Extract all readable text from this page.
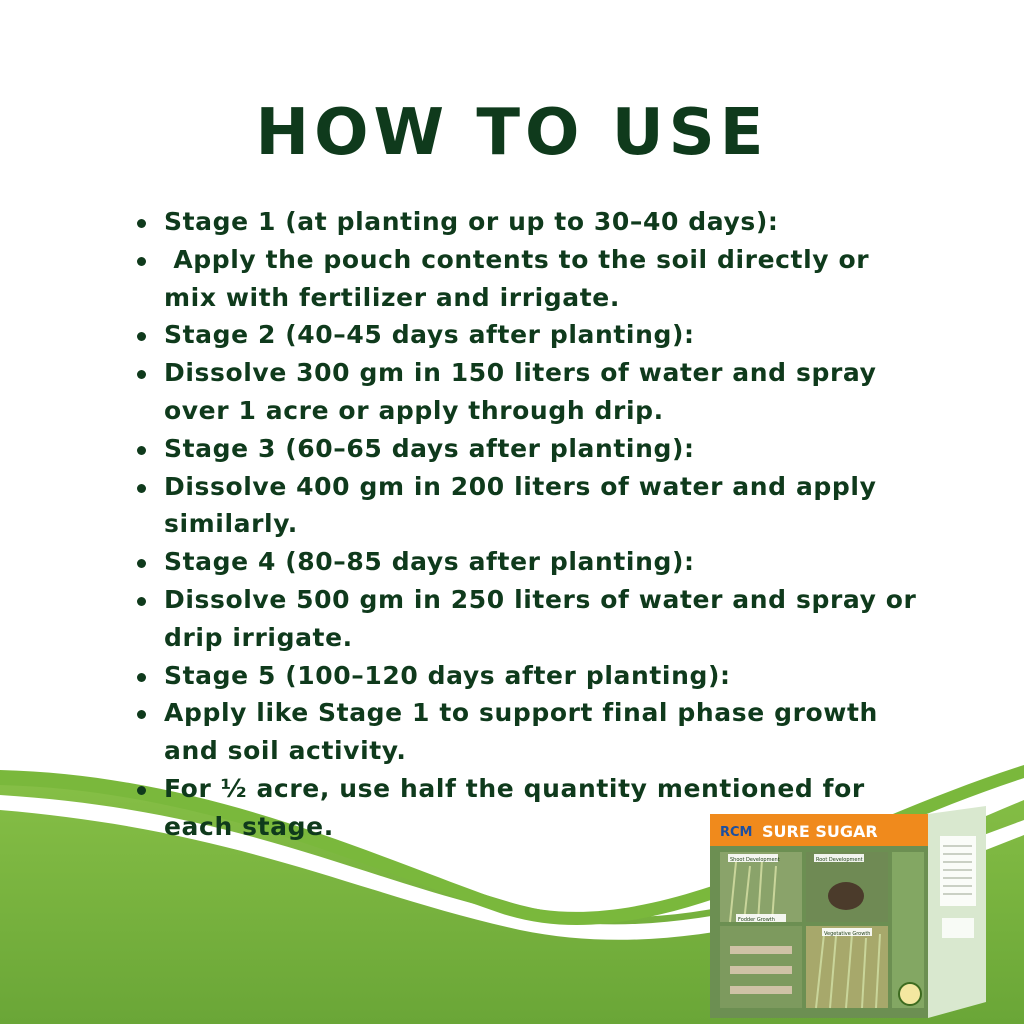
HOW TO USE
Stage 1 (at planting or up to 30–40 days):
Apply the pouch contents to the soil directly or mix with fertilizer and irrigate.
Stage 2 (40–45 days after planting):
Dissolve 300 gm in 150 liters of water and spray over 1 acre or apply through drip.
Stage 3 (60–65 days after planting):
Dissolve 400 gm in 200 liters of water and apply similarly.
Stage 4 (80–85 days after planting):
Dissolve 500 gm in 250 liters of water and spray or drip irrigate.
Stage 5 (100–120 days after planting):
Apply like Stage 1 to support final phase growth and soil activity.
For ½ acre, use half the quantity mentioned for each stage.	RCM SURE SUGAR
Shoot Development	Root Development
Fodder Growth
Vegetative Growth
